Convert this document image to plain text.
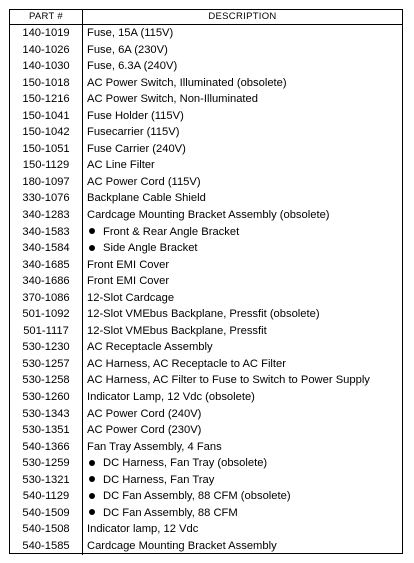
PART #	DESCRIPTION
140-1019	Fuse, 15A (115V)
140-1026	Fuse, 6A (230V)
140-1030	Fuse, 6.3A (240V)
150-1018	AC Power Switch, Illuminated (obsolete)
150-1216	AC Power Switch, Non-Illuminated
150-1041	Fuse Holder (115V)
150-1042	Fusecarrier (115V)
150-1051	Fuse Carrier (240V)
150-1129	AC Line Filter
180-1097	AC Power Cord (115V)
330-1076	Backplane Cable Shield
340-1283	Cardcage Mounting Bracket Assembly (obsolete)
340-1583	Front & Rear Angle Bracket
340-1584	Side Angle Bracket
340-1685	Front EMI Cover
340-1686	Front EMI Cover
370-1086	12-Slot Cardcage
501-1092	12-Slot VMEbus Backplane, Pressfit (obsolete)
501-1117	12-Slot VMEbus Backplane, Pressfit
530-1230	AC Receptacle Assembly
530-1257	AC Harness, AC Receptacle to AC Filter
530-1258	AC Harness, AC Filter to Fuse to Switch to Power Supply
530-1260	Indicator Lamp, 12 Vdc (obsolete)
530-1343	AC Power Cord (240V)
530-1351	AC Power Cord (230V)
540-1366	Fan Tray Assembly, 4 Fans
530-1259	DC Harness, Fan Tray (obsolete)
530-1321	DC Harness, Fan Tray
540-1129	DC Fan Assembly, 88 CFM (obsolete)
540-1509	DC Fan Assembly, 88 CFM
540-1508	Indicator lamp, 12 Vdc
540-1585	Cardcage Mounting Bracket Assembly
